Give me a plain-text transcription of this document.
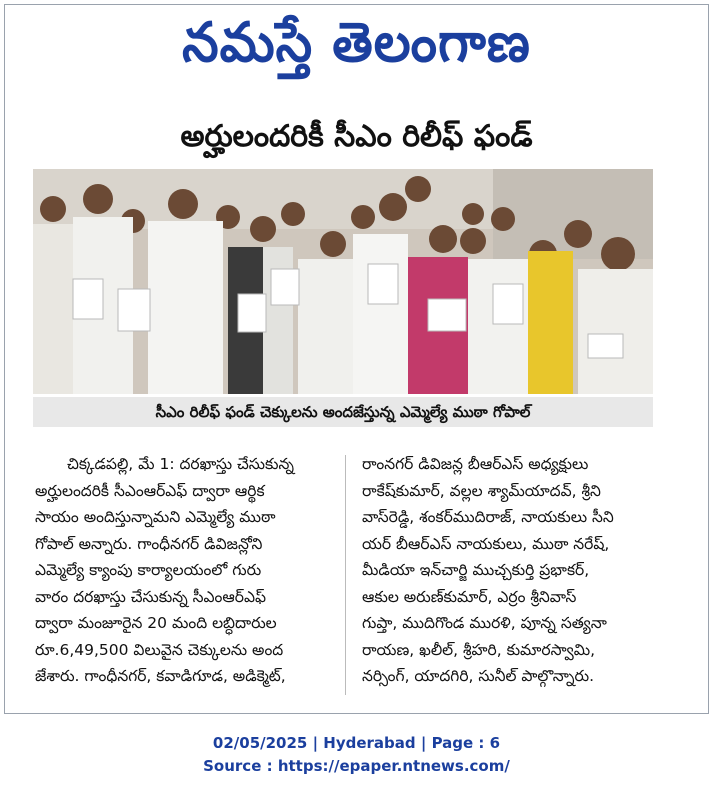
నమస్తే తెలంగాణ
అర్హులందరికీ సీఎం రిలీఫ్ ఫండ్
సీఎం రిలీఫ్ ఫండ్ చెక్కులను అందజేస్తున్న ఎమ్మెల్యే ముఠా గోపాల్
చిక్కడపల్లి, మే 1: దరఖాస్తు చేసుకున్న
అర్హులందరికీ సీఎంఆర్ఎఫ్ ద్వారా ఆర్థిక
సాయం అందిస్తున్నామని ఎమ్మెల్యే ముఠా
గోపాల్ అన్నారు. గాంధీనగర్ డివిజన్లోని
ఎమ్మెల్యే క్యాంపు కార్యాలయంలో గురు
వారం దరఖాస్తు చేసుకున్న సీఎంఆర్ఎఫ్
ద్వారా మంజూరైన 20 మంది లబ్ధిదారుల
రూ.6,49,500 విలువైన చెక్కులను అంద
జేశారు. గాంధీనగర్, కవాడిగూడ, అడిక్మెట్,
రాంనగర్ డివిజన్ల బీఆర్ఎస్ అధ్యక్షులు
రాకేష్‌కుమార్, వల్లల శ్యామ్‌యాదవ్, శ్రీని
వాస్‌రెడ్డి, శంకర్‌ముదిరాజ్, నాయకులు సీని
యర్ బీఆర్ఎస్ నాయకులు, ముఠా నరేష్,
మీడియా ఇన్‌చార్జి ముచ్చకుర్తి ప్రభాకర్,
ఆకుల అరుణ్‌కుమార్, ఎర్రం శ్రీనివాస్
గుప్తా, ముదిగొండ మురళి, పూన్న సత్యనా
రాయణ, ఖలీల్, శ్రీహరి, కుమారస్వామి,
నర్సింగ్, యాదగిరి, సునీల్ పాల్గొన్నారు.
02/05/2025 | Hyderabad | Page : 6
Source : https://epaper.ntnews.com/
